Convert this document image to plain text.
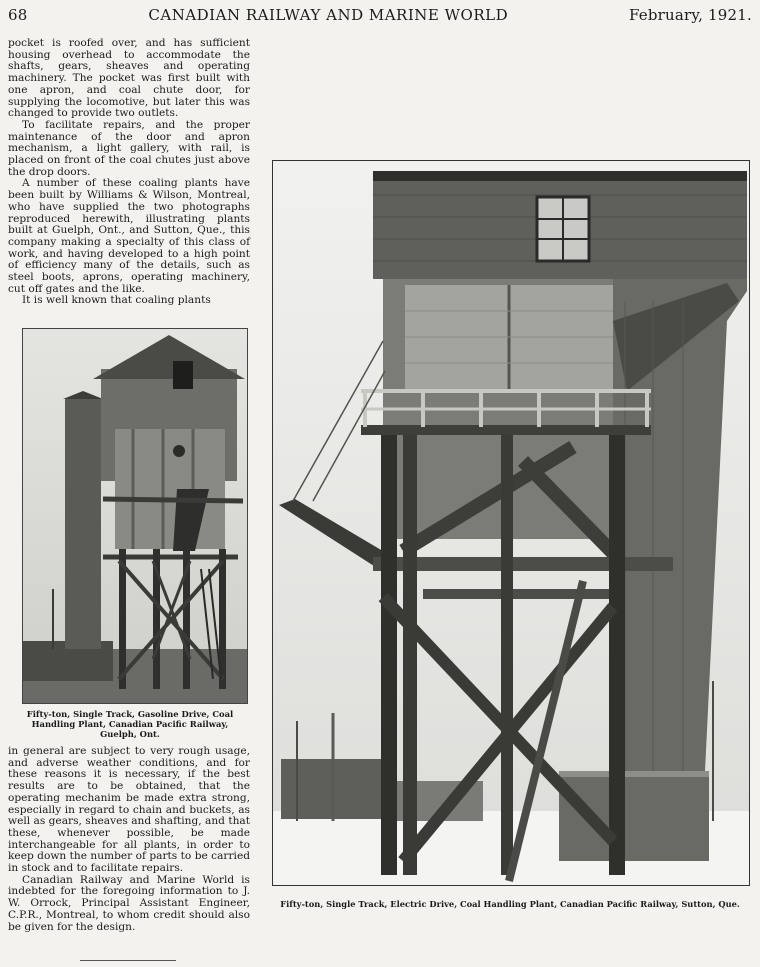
68	CANADIAN RAILWAY AND MARINE WORLD	February, 1921.

pocket is roofed over, and has sufficient housing overhead to accommodate the shafts, gears, sheaves and operating machinery. The pocket was first built with one apron, and coal chute door, for supplying the locomotive, but later this was changed to provide two outlets.

To facilitate repairs, and the proper maintenance of the door and apron mechanism, a light gallery, with rail, is placed on front of the coal chutes just above the drop doors.

A number of these coaling plants have been built by Williams & Wilson, Montreal, who have supplied the two photographs reproduced herewith, illustrating plants built at Guelph, Ont., and Sutton, Que., this company making a specialty of this class of work, and having developed to a high point of efficiency many of the details, such as steel boots, aprons, operating machinery, cut off gates and the like.

It is well known that coaling plants

Fifty-ton, Single Track, Gasoline Drive, Coal Handling Plant, Canadian Pacific Railway, Guelph, Ont.

in general are subject to very rough usage, and adverse weather conditions, and for these reasons it is necessary, if the best results are to be obtained, that the operating mechanim be made extra strong, especially in regard to chain and buckets, as well as gears, sheaves and shafting, and that these, whenever possible, be made interchangeable for all plants, in order to keep down the number of parts to be carried in stock and to facilitate repairs.

Canadian Railway and Marine World is indebted for the foregoing information to J. W. Orrock, Principal Assistant Engineer, C.P.R., Montreal, to whom credit should also be given for the design.

Fifty-ton, Single Track, Electric Drive, Coal Handling Plant, Canadian Pacific Railway, Sutton, Que.
